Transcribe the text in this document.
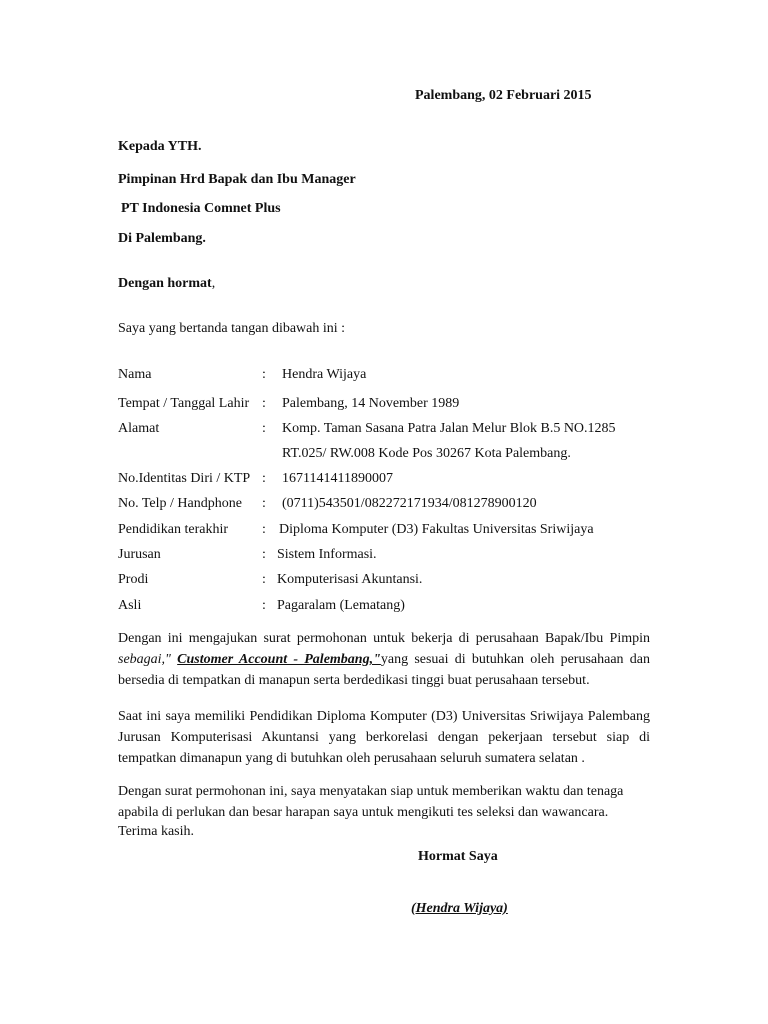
Palembang, 02 Februari 2015
Kepada YTH.
Pimpinan Hrd Bapak dan Ibu Manager
PT Indonesia Comnet Plus
Di Palembang.
Dengan hormat,
Saya yang bertanda tangan dibawah ini :
Nama	: Hendra Wijaya
Tempat / Tanggal Lahir : Palembang, 14 November 1989
Alamat	: Komp. Taman Sasana Patra Jalan Melur Blok B.5 NO.1285
RT.025/ RW.008 Kode Pos 30267 Kota Palembang.
No.Identitas Diri / KTP : 1671141411890007
No. Telp / Handphone : (0711)543501/082272171934/081278900120
Pendidikan terakhir : Diploma Komputer (D3) Fakultas Universitas Sriwijaya
Jurusan	: Sistem Informasi.
Prodi	: Komputerisasi Akuntansi.
Asli	: Pagaralam (Lematang)
Dengan ini mengajukan surat permohonan untuk bekerja di perusahaan Bapak/Ibu Pimpin
sebagai," Customer Account - Palembang,"yang sesuai di butuhkan oleh perusahaan dan
bersedia di tempatkan di manapun serta berdedikasi tinggi buat perusahaan tersebut.
Saat ini saya memiliki Pendidikan Diploma Komputer (D3) Universitas Sriwijaya Palembang
Jurusan Komputerisasi Akuntansi yang berkorelasi dengan pekerjaan tersebut siap di
tempatkan dimanapun yang di butuhkan oleh perusahaan seluruh sumatera selatan .
Dengan surat permohonan ini, saya menyatakan siap untuk memberikan waktu dan tenaga
apabila di perlukan dan besar harapan saya untuk mengikuti tes seleksi dan wawancara.
Terima kasih.
Hormat Saya
(Hendra Wijaya)
